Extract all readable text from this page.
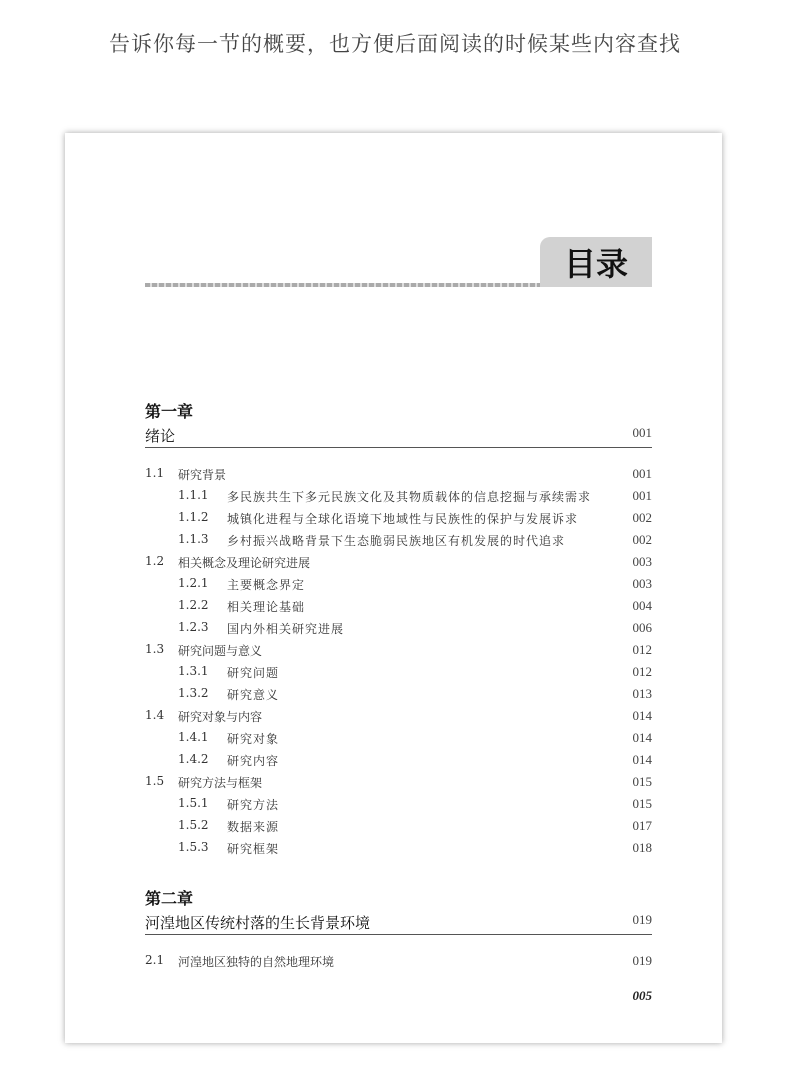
告诉你每一节的概要，也方便后面阅读的时候某些内容查找
目录
第一章
绪论	001
1.1 研究背景	001
1.1.1 多民族共生下多元民族文化及其物质载体的信息挖掘与承续需求	001
1.1.2 城镇化进程与全球化语境下地域性与民族性的保护与发展诉求	002
1.1.3 乡村振兴战略背景下生态脆弱民族地区有机发展的时代追求	002
1.2 相关概念及理论研究进展	003
1.2.1 主要概念界定	003
1.2.2 相关理论基础	004
1.2.3 国内外相关研究进展	006
1.3 研究问题与意义	012
1.3.1 研究问题	012
1.3.2 研究意义	013
1.4 研究对象与内容	014
1.4.1 研究对象	014
1.4.2 研究内容	014
1.5 研究方法与框架	015
1.5.1 研究方法	015
1.5.2 数据来源	017
1.5.3 研究框架	018
第二章
河湟地区传统村落的生长背景环境	019
2.1 河湟地区独特的自然地理环境	019
005
